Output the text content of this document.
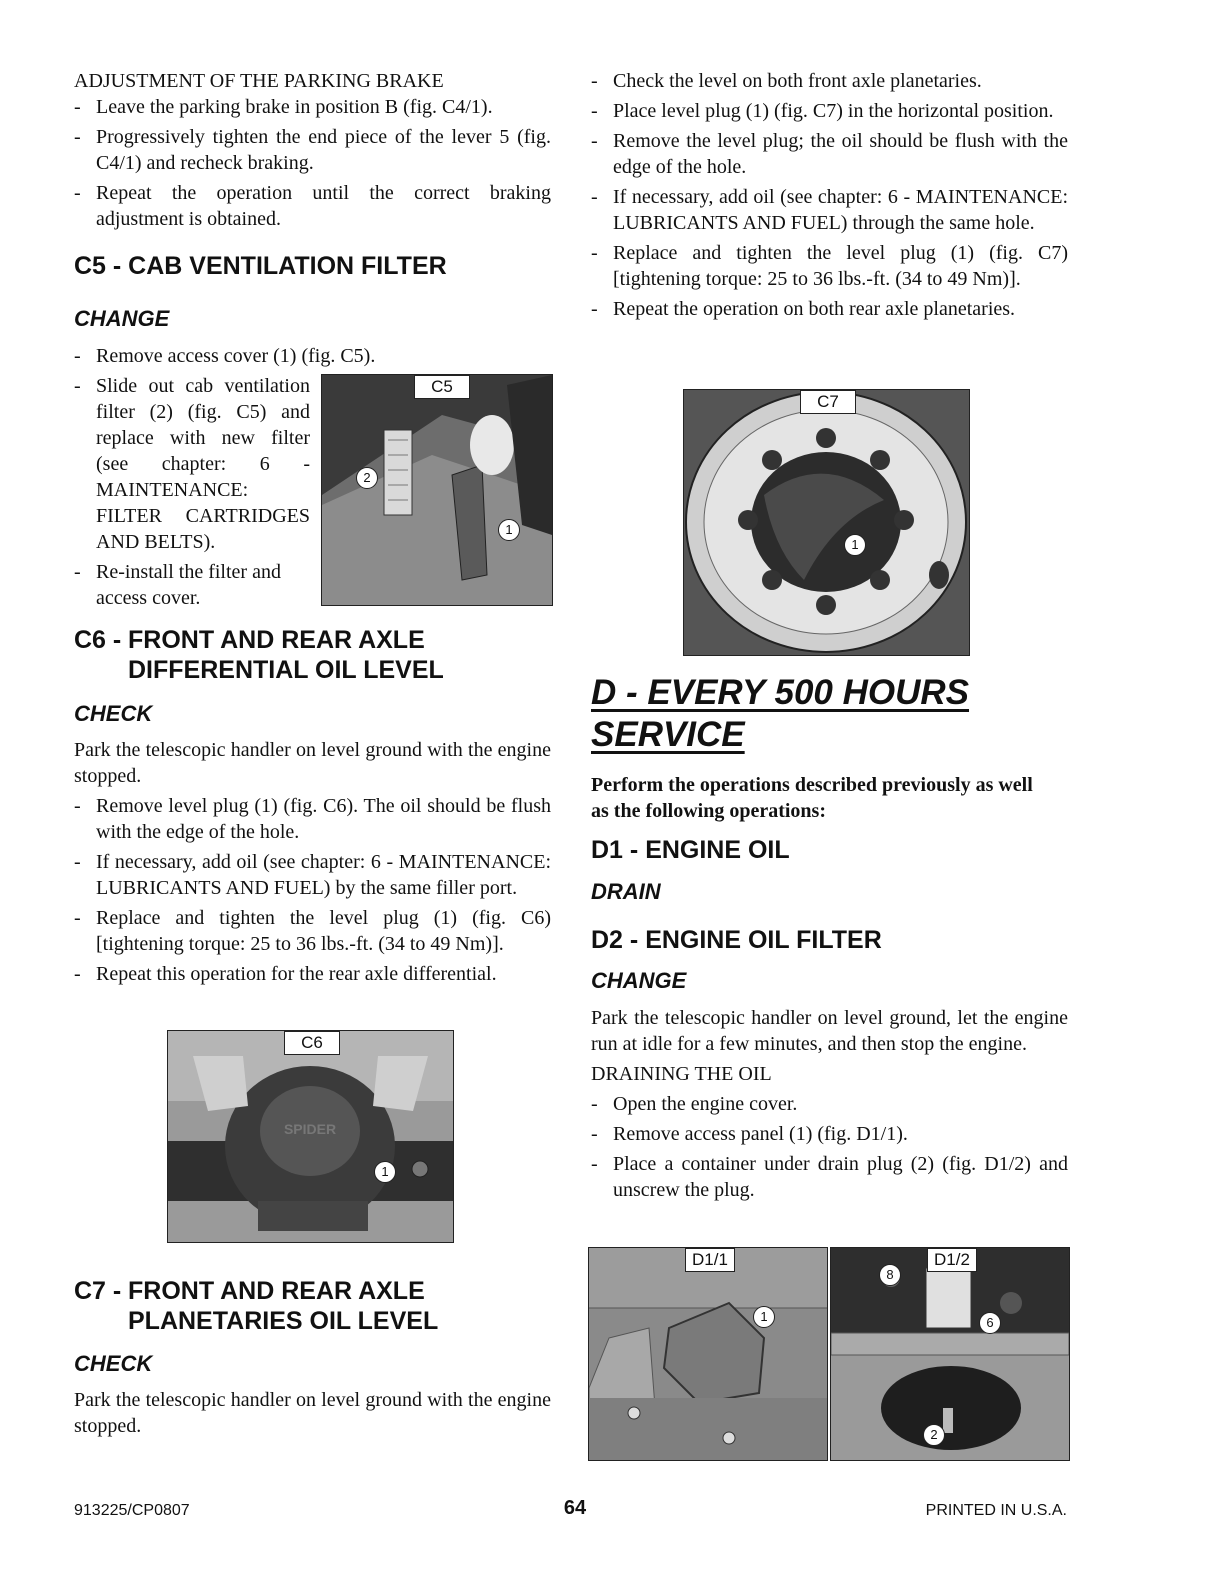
ADJUSTMENT OF THE PARKING BRAKE

- Leave the parking brake in position B (fig. C4/1).

- Progressively tighten the end piece of the lever 5 (fig. C4/1) and recheck braking.

- Repeat the operation until the correct braking adjustment is obtained.

C5 - CAB VENTILATION FILTER
CHANGE

- Remove access cover (1) (fig. C5).

- Slide out cab ventilation filter (2) (fig. C5) and replace with new filter (see chapter: 6 - MAINTENANCE: FILTER CARTRIDGES AND BELTS).

- Re-install the filter and access cover.

C5
2
1
C6 - FRONT AND REAR AXLE DIFFERENTIAL OIL LEVEL
CHECK

Park the telescopic handler on level ground with the engine stopped.

- Remove level plug (1) (fig. C6). The oil should be flush with the edge of the hole.

- If necessary, add oil (see chapter: 6 - MAINTENANCE: LUBRICANTS AND FUEL) by the same filler port.

- Replace and tighten the level plug (1) (fig. C6) [tightening torque: 25 to 36 lbs.-ft. (34 to 49 Nm)].

- Repeat this operation for the rear axle differential.

SPIDER
C6
1
C7 - FRONT AND REAR AXLE PLANETARIES OIL LEVEL
CHECK
Park the telescopic handler on level ground with the engine stopped.

- Check the level on both front axle planetaries.

- Place level plug (1) (fig. C7) in the horizontal position.

- Remove the level plug; the oil should be flush with the edge of the hole.

- If necessary, add oil (see chapter: 6 - MAINTENANCE: LUBRICANTS AND FUEL) through the same hole.

- Replace and tighten the level plug (1) (fig. C7) [tightening torque: 25 to 36 lbs.-ft. (34 to 49 Nm)].

- Repeat the operation on both rear axle planetaries.

C7
1
D - EVERY 500 HOURS
SERVICE
Perform the operations described previously as well as the following operations:
D1 - ENGINE OIL
DRAIN
D2 - ENGINE OIL FILTER
CHANGE

Park the telescopic handler on level ground, let the engine run at idle for a few minutes, and then stop the engine.

DRAINING THE OIL

- Open the engine cover.

- Remove access panel (1) (fig. D1/1).

- Place a container under drain plug (2) (fig. D1/2) and unscrew the plug.

D1/1
1
D1/2
8
6
2
913225/CP0807	64	PRINTED IN U.S.A.
